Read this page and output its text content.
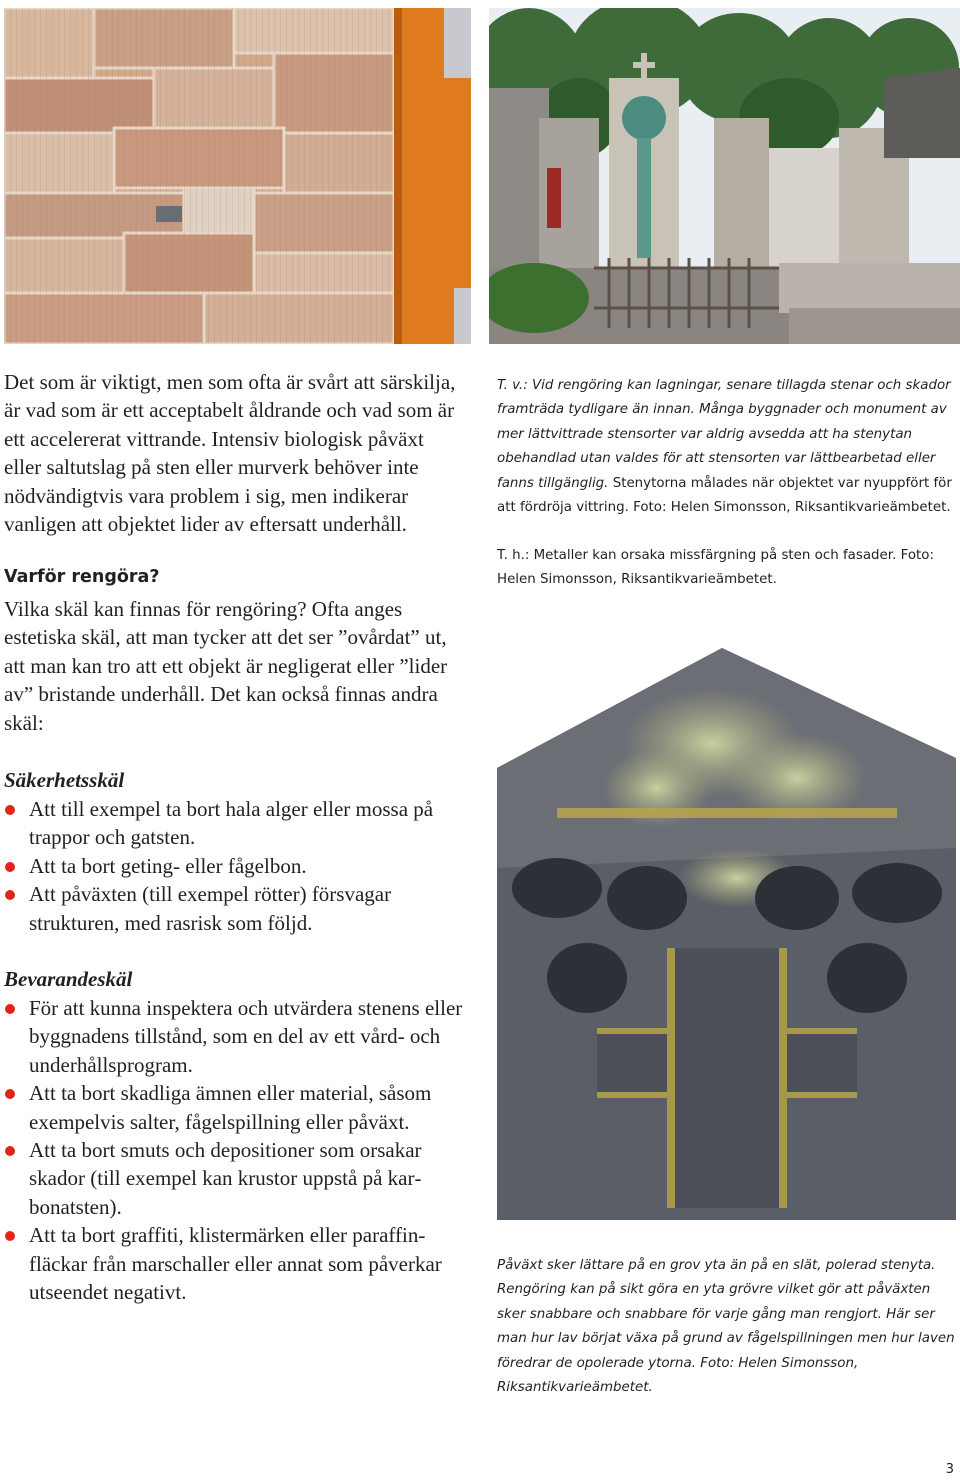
Det som är viktigt, men som ofta är svårt att särskilja, är vad som är ett acceptabelt åldrande och vad som är ett accelererat vittrande. Intensiv biologisk påväxt eller saltutslag på sten eller murverk behöver inte nödvändigtvis vara problem i sig, men indikerar vanligen att objektet lider av eftersatt underhåll.

Varför rengöra?

Vilka skäl kan finnas för rengöring? Ofta anges estetiska skäl, att man tycker att det ser ”ovårdat” ut, att man kan tro att ett objekt är negligerat eller ”lider av” bristande underhåll. Det kan också finnas andra skäl:

Säkerhetsskäl
Att till exempel ta bort hala alger eller mossa på trappor och gatsten.
Att ta bort geting- eller fågelbon.
Att påväxten (till exempel rötter) försvagar strukturen, med rasrisk som följd.
Bevarandeskäl
För att kunna inspektera och utvärdera stenens eller byggnadens tillstånd, som en del av ett vård- och underhållsprogram.
Att ta bort skadliga ämnen eller material, såsom exempelvis salter, fågelspillning eller påväxt.
Att ta bort smuts och depositioner som orsakar skador (till exempel kan krustor uppstå på karbonatsten).
Att ta bort graffiti, klistermärken eller paraffinfläckar från marschaller eller annat som påverkar utseendet negativt.

T. v.: Vid rengöring kan lagningar, senare tillagda stenar och skador framträda tydligare än innan. Många byggnader och monument av mer lättvittrade stensorter var aldrig avsedda att ha stenytan obehandlad utan valdes för att stensorten var lättbearbetad eller fanns tillgänglig. Stenytorna målades när objektet var nyuppfört för att fördröja vittring. Foto: Helen Simonsson, Riksantikvarieämbetet.

T. h.: Metaller kan orsaka missfärgning på sten och fasader. Foto: Helen Simonsson, Riksantikvarieämbetet.

Påväxt sker lättare på en grov yta än på en slät, polerad stenyta. Rengöring kan på sikt göra en yta grövre vilket gör att påväxten sker snabbare och snabbare för varje gång man rengjort. Här ser man hur lav börjat växa på grund av fågelspillningen men hur laven föredrar de opolerade ytorna. Foto: Helen Simonsson, Riksantikvarieämbetet.

3
